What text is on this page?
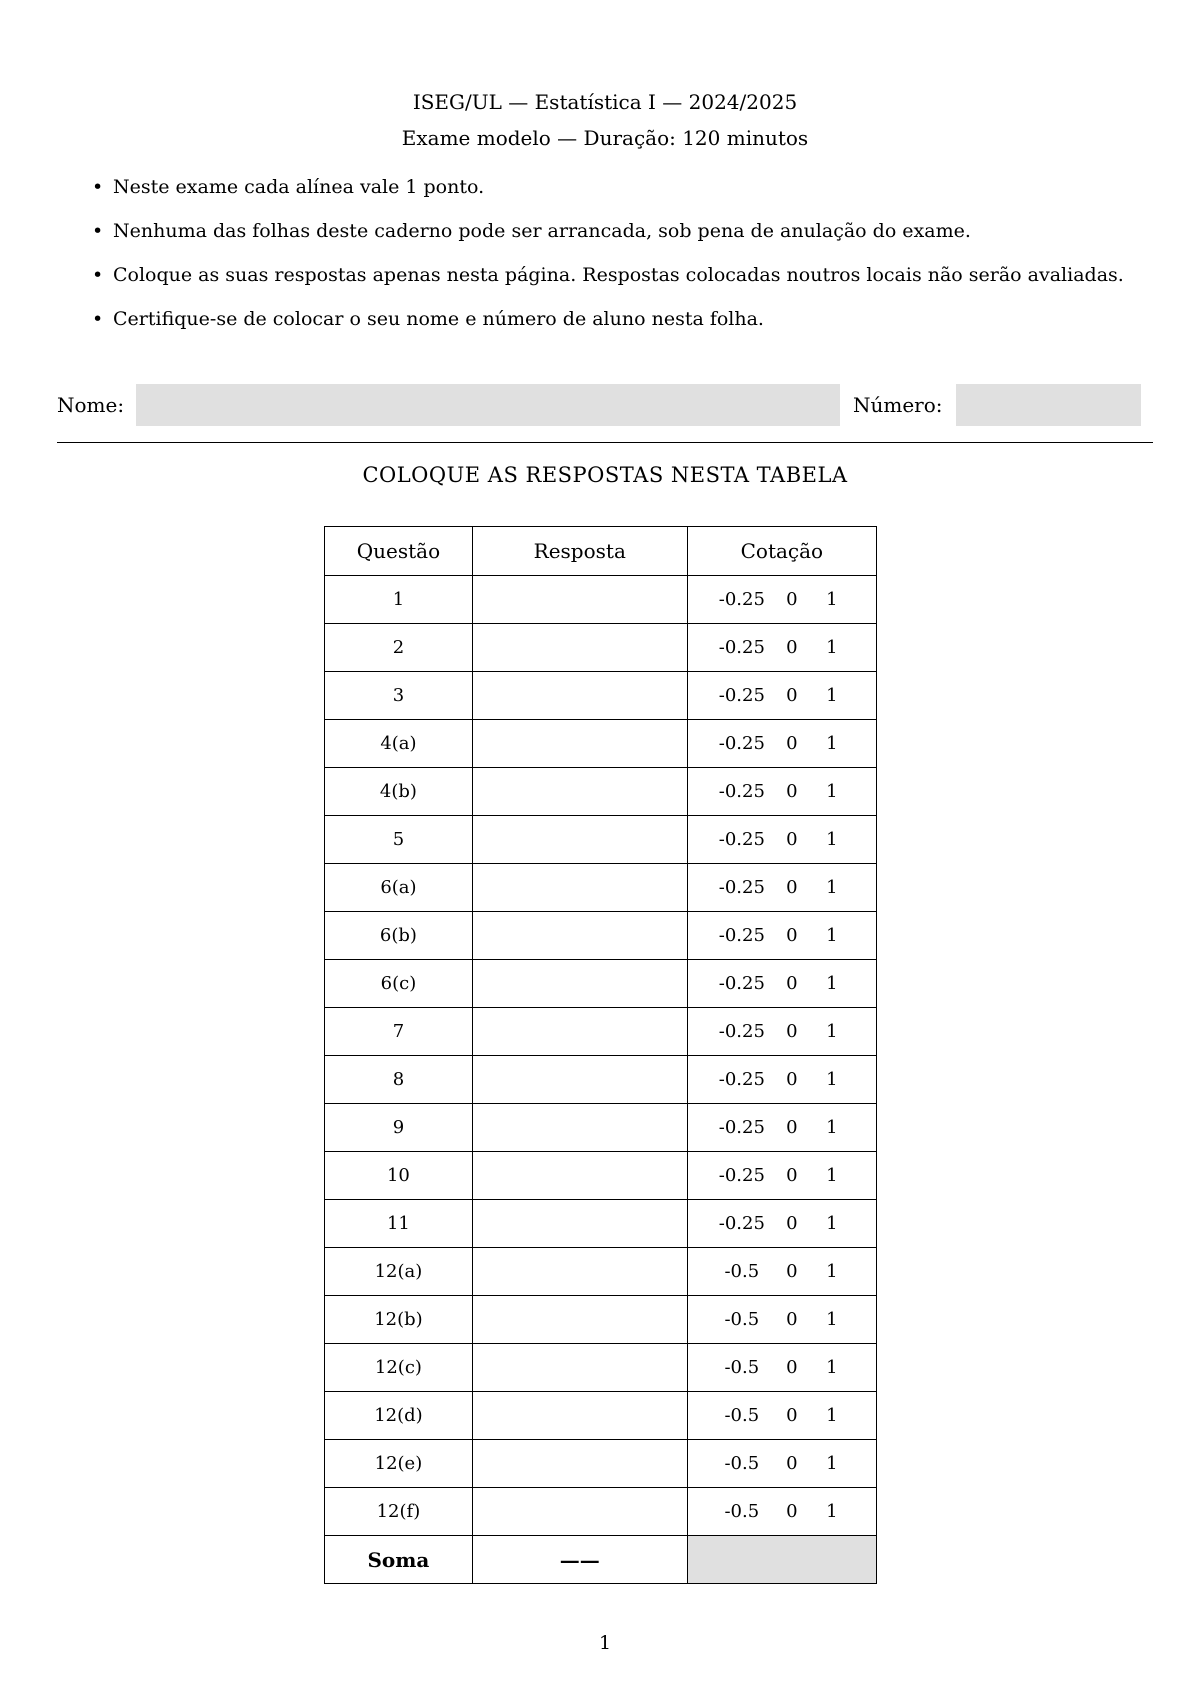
ISEG/UL — Estatística I — 2024/2025
Exame modelo — Duração: 120 minutos
• Neste exame cada alínea vale 1 ponto.
• Nenhuma das folhas deste caderno pode ser arrancada, sob pena de anulação do exame.
• Coloque as suas respostas apenas nesta página. Respostas colocadas noutros locais não serão avaliadas.
• Certifique-se de colocar o seu nome e número de aluno nesta folha.
Nome:	Número:
COLOQUE AS RESPOSTAS NESTA TABELA
Questão	Resposta	Cotação
1		-0.25 0 1
2		-0.25 0 1
3		-0.25 0 1
4(a)		-0.25 0 1
4(b)		-0.25 0 1
5		-0.25 0 1
6(a)		-0.25 0 1
6(b)		-0.25 0 1
6(c)		-0.25 0 1
7		-0.25 0 1
8		-0.25 0 1
9		-0.25 0 1
10		-0.25 0 1
11		-0.25 0 1
12(a)		-0.5 0 1
12(b)		-0.5 0 1
12(c)		-0.5 0 1
12(d)		-0.5 0 1
12(e)		-0.5 0 1
12(f)		-0.5 0 1
Soma	——	
1
